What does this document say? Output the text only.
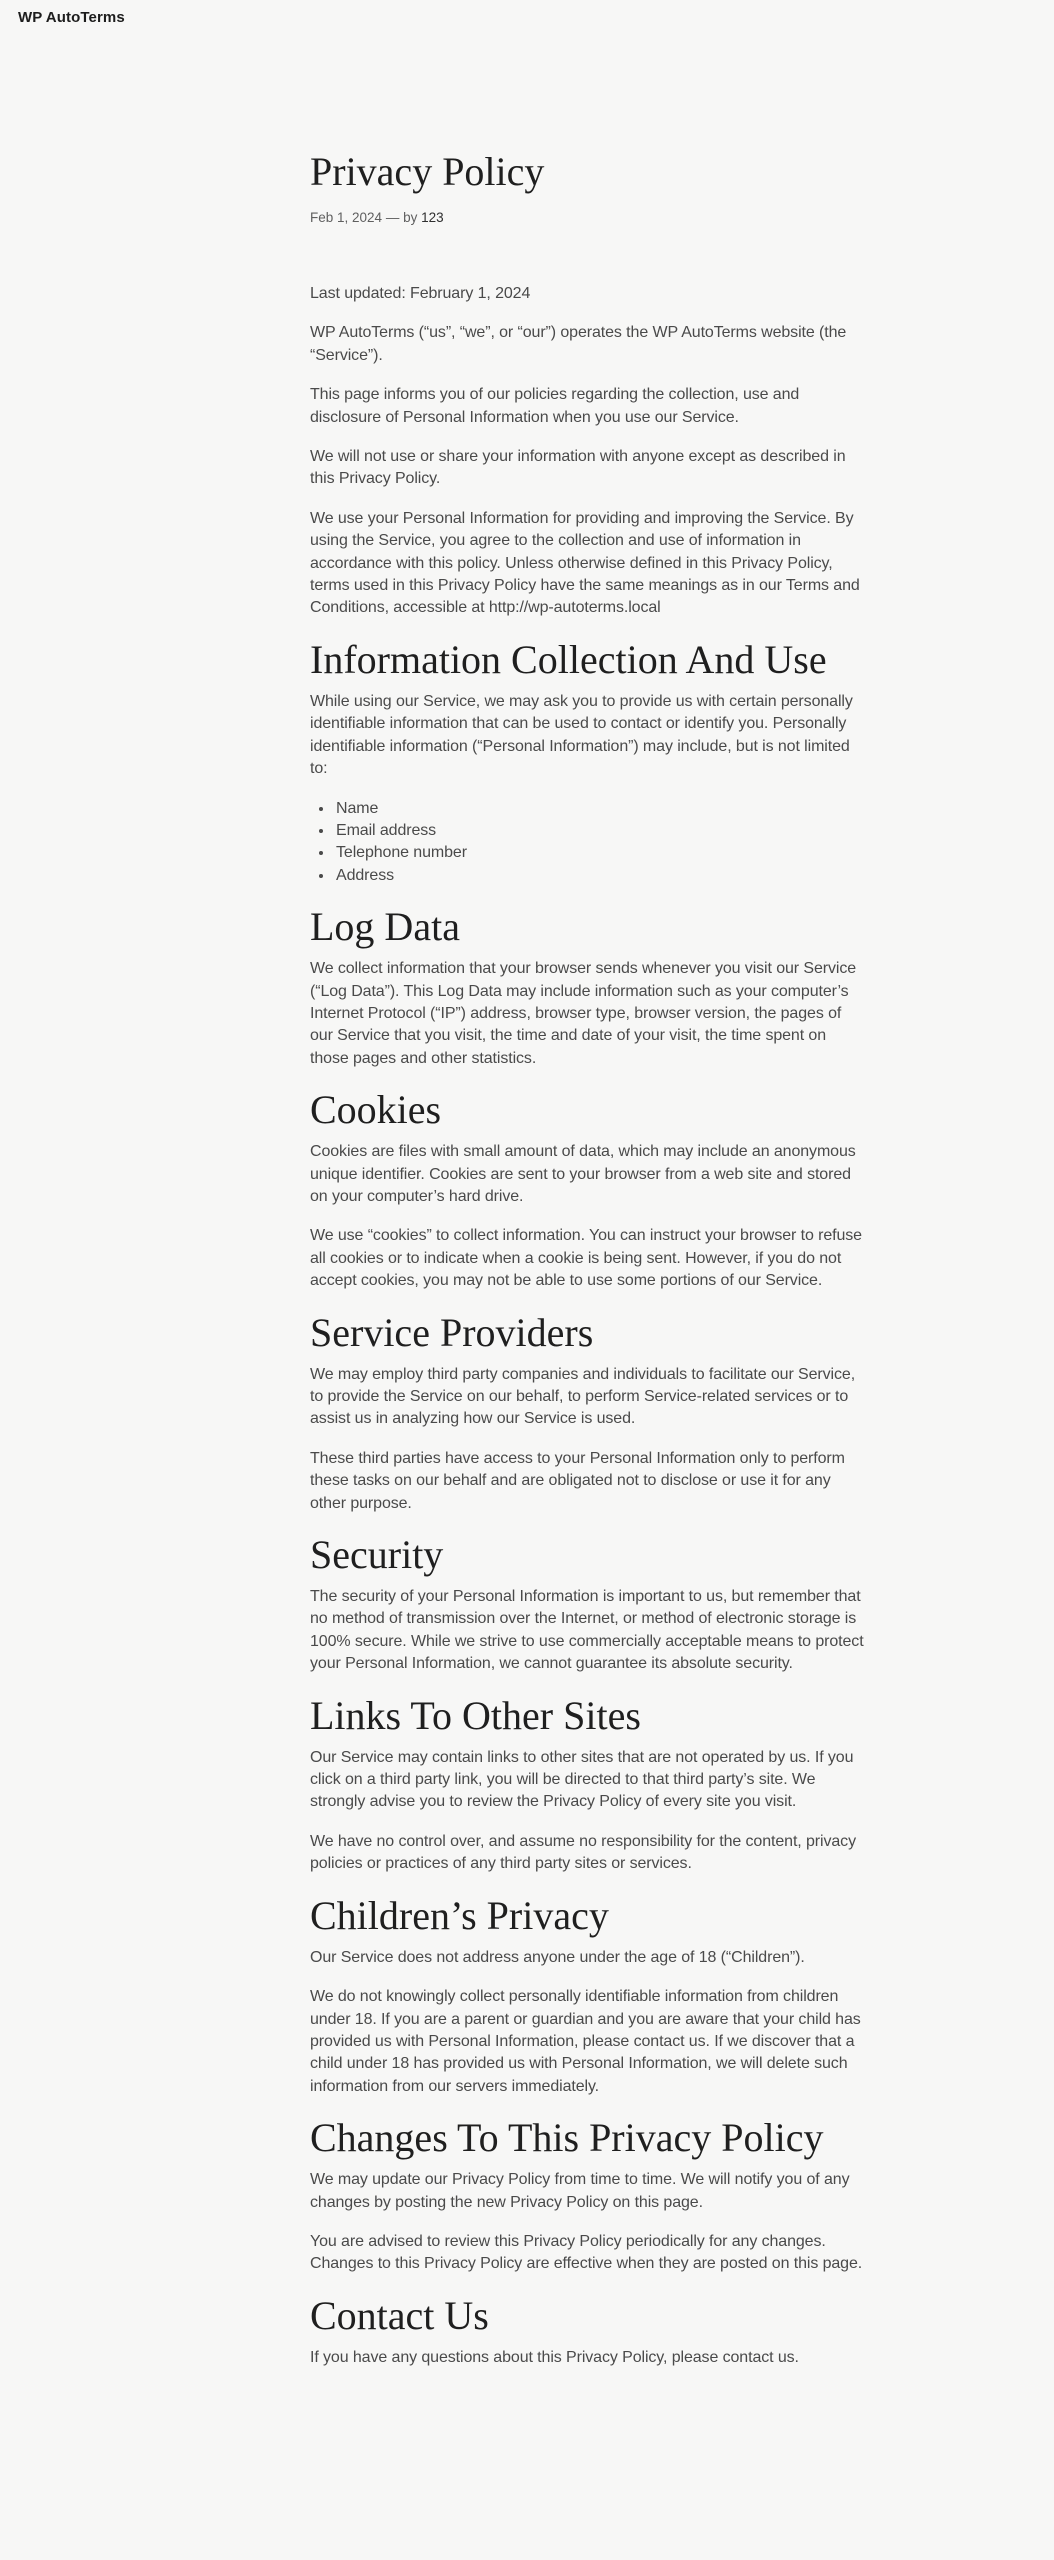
WP AutoTerms
Privacy Policy
Feb 1, 2024 — by 123

Last updated: February 1, 2024

WP AutoTerms (“us”, “we”, or “our”) operates the WP AutoTerms website (the “Service”).

This page informs you of our policies regarding the collection, use and disclosure of Personal Information when you use our Service.

We will not use or share your information with anyone except as described in this Privacy Policy.

We use your Personal Information for providing and improving the Service. By using the Service, you agree to the collection and use of information in accordance with this policy. Unless otherwise defined in this Privacy Policy, terms used in this Privacy Policy have the same meanings as in our Terms and Conditions, accessible at http://wp-autoterms.local

Information Collection And Use

While using our Service, we may ask you to provide us with certain personally identifiable information that can be used to contact or identify you. Personally identifiable information (“Personal Information”) may include, but is not limited to:

• Name
• Email address
• Telephone number
• Address
Log Data

We collect information that your browser sends whenever you visit our Service (“Log Data”). This Log Data may include information such as your computer’s Internet Protocol (“IP”) address, browser type, browser version, the pages of our Service that you visit, the time and date of your visit, the time spent on those pages and other statistics.

Cookies

Cookies are files with small amount of data, which may include an anonymous unique identifier. Cookies are sent to your browser from a web site and stored on your computer’s hard drive.

We use “cookies” to collect information. You can instruct your browser to refuse all cookies or to indicate when a cookie is being sent. However, if you do not accept cookies, you may not be able to use some portions of our Service.

Service Providers

We may employ third party companies and individuals to facilitate our Service, to provide the Service on our behalf, to perform Service-related services or to assist us in analyzing how our Service is used.

These third parties have access to your Personal Information only to perform these tasks on our behalf and are obligated not to disclose or use it for any other purpose.

Security

The security of your Personal Information is important to us, but remember that no method of transmission over the Internet, or method of electronic storage is 100% secure. While we strive to use commercially acceptable means to protect your Personal Information, we cannot guarantee its absolute security.

Links To Other Sites

Our Service may contain links to other sites that are not operated by us. If you click on a third party link, you will be directed to that third party’s site. We strongly advise you to review the Privacy Policy of every site you visit.

We have no control over, and assume no responsibility for the content, privacy policies or practices of any third party sites or services.

Children’s Privacy

Our Service does not address anyone under the age of 18 (“Children”).

We do not knowingly collect personally identifiable information from children under 18. If you are a parent or guardian and you are aware that your child has provided us with Personal Information, please contact us. If we discover that a child under 18 has provided us with Personal Information, we will delete such information from our servers immediately.

Changes To This Privacy Policy

We may update our Privacy Policy from time to time. We will notify you of any changes by posting the new Privacy Policy on this page.

You are advised to review this Privacy Policy periodically for any changes. Changes to this Privacy Policy are effective when they are posted on this page.

Contact Us

If you have any questions about this Privacy Policy, please contact us.
